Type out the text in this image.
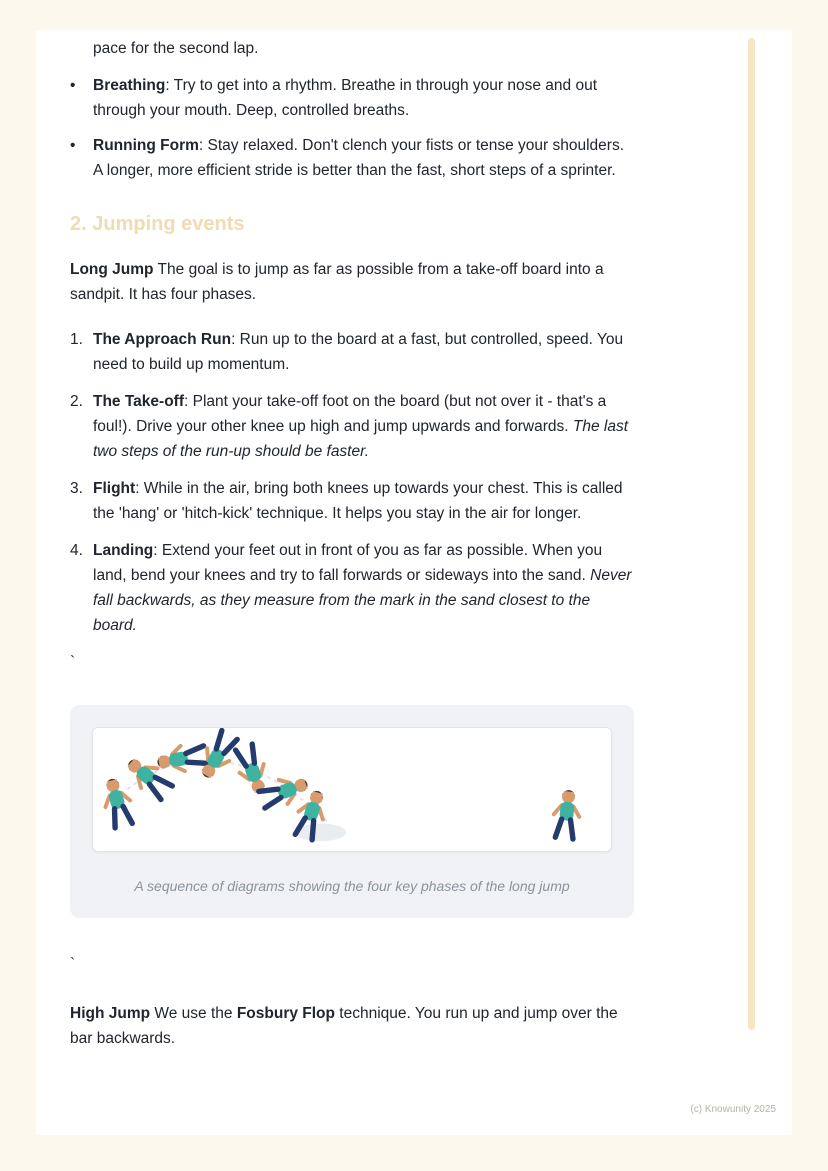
pace for the second lap.

•	Breathing: Try to get into a rhythm. Breathe in through your nose and out through your mouth. Deep, controlled breaths.
•	Running Form: Stay relaxed. Don't clench your fists or tense your shoulders. A longer, more efficient stride is better than the fast, short steps of a sprinter.
2. Jumping events

Long Jump The goal is to jump as far as possible from a take-off board into a sandpit. It has four phases.

1. The Approach Run: Run up to the board at a fast, but controlled, speed. You need to build up momentum.
2. The Take-off: Plant your take-off foot on the board (but not over it - that's a foul!). Drive your other knee up high and jump upwards and forwards. The last two steps of the run-up should be faster.
3. Flight: While in the air, bring both knees up towards your chest. This is called the 'hang' or 'hitch-kick' technique. It helps you stay in the air for longer.
4. Landing: Extend your feet out in front of you as far as possible. When you land, bend your knees and try to fall forwards or sideways into the sand. Never fall backwards, as they measure from the mark in the sand closest to the board.

`

A sequence of diagrams showing the four key phases of the long jump

`

High Jump We use the Fosbury Flop technique. You run up and jump over the bar backwards.

(c) Knowunity 2025
